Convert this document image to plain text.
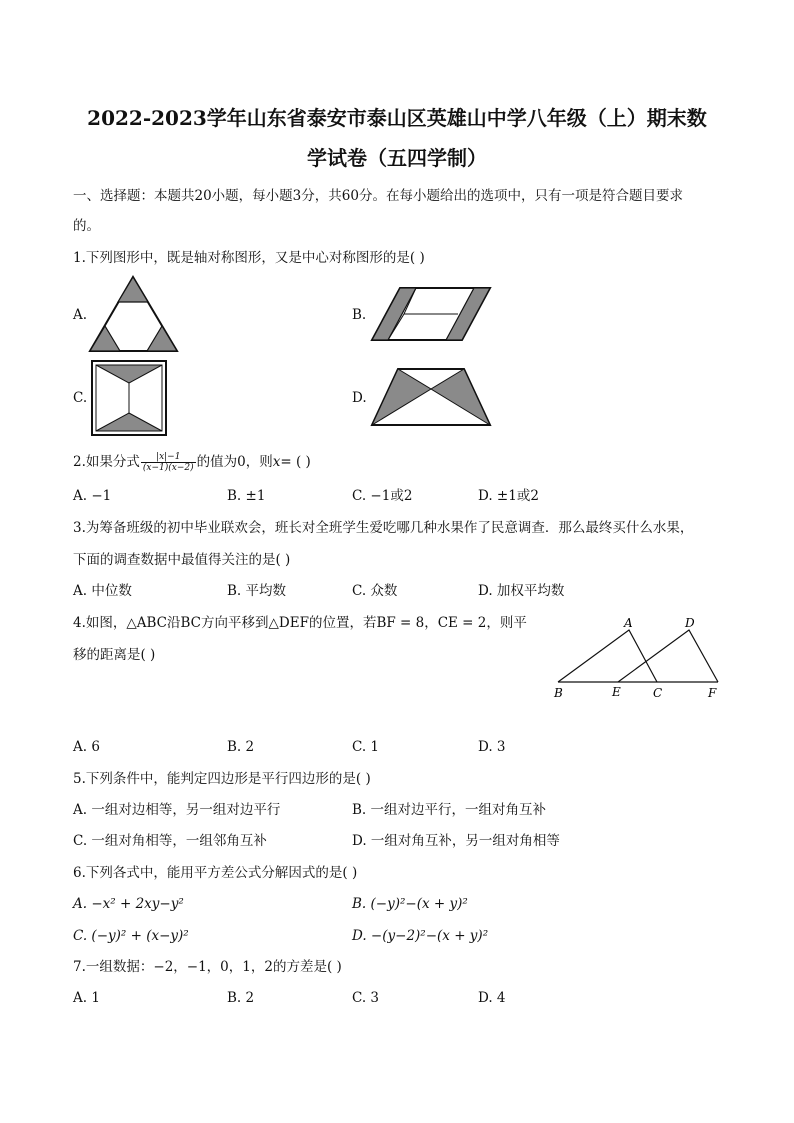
2022-2023学年山东省泰安市泰山区英雄山中学八年级（上）期末数
学试卷（五四学制）
一、选择题：本题共20小题，每小题3分，共60分。在每小题给出的选项中，只有一项是符合题目要求
的。
1.下列图形中，既是轴对称图形，又是中心对称图形的是( )
A.	B.
C.	D.
2.如果分式 $\frac{|x|-1}{(x-1)(x-2)}$ 的值为0，则x= ( )
A. −1	B. ±1	C. −1或2	D. ±1或2
3.为筹备班级的初中毕业联欢会，班长对全班学生爱吃哪几种水果作了民意调查．那么最终买什么水果，
下面的调查数据中最值得关注的是( )
A. 中位数	B. 平均数	C. 众数	D. 加权平均数
4.如图，△ABC沿BC方向平移到△DEF的位置，若BF = 8，CE = 2，则平
移的距离是( )
A	D
B	E	C	F
A. 6	B. 2	C. 1	D. 3
5.下列条件中，能判定四边形是平行四边形的是( )
A. 一组对边相等，另一组对边平行	B. 一组对边平行，一组对角互补
C. 一组对角相等，一组邻角互补	D. 一组对角互补，另一组对角相等
6.下列各式中，能用平方差公式分解因式的是( )
A. −x² + 2xy−y²	B. (−y)²−(x + y)²
C. (−y)² + (x−y)²	D. −(y−2)²−(x + y)²
7.一组数据：−2，−1，0，1，2的方差是( )
A. 1	B. 2	C. 3	D. 4
